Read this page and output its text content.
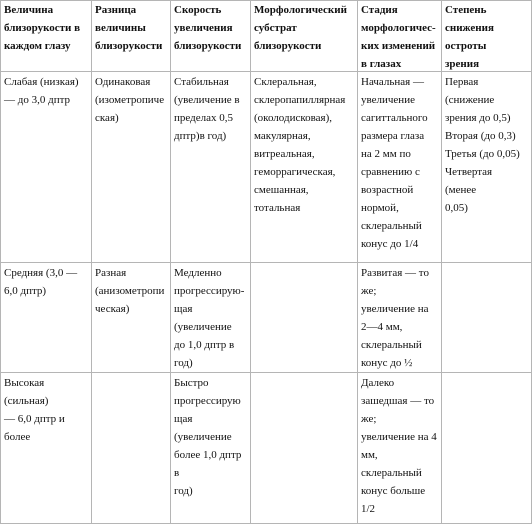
Величина
близорукости в
каждом глазу
Разница
величины
близорукости
Скорость
увеличения
близорукости
Морфологический
субстрат
близорукости
Стадия
морфологичес-
ких изменений
в глазах
Степень
снижения
остроты
зрения
Слабая (низкая)
— до 3,0 дптр
Одинаковая
(изометропиче
ская)
Стабильная
(увеличение в
пределах 0,5
дптр)в год)
Склеральная,
склеропапиллярная
(околодисковая),
макулярная,
витреальная,
геморрагическая,
смешанная,
тотальная
Начальная —
увеличение
сагиттального
размера глаза
на 2 мм по
сравнению с
возрастной
нормой,
склеральный
конус до 1/4
Первая
(снижение
зрения до 0,5)
Вторая (до 0,3)
Третья (до 0,05)
Четвертая
(менее
0,05)
Средняя (3,0 —
6,0 дптр)
Разная
(анизометропи
ческая)
Медленно
прогрессирую-
щая
(увеличение
до 1,0 дптр в
год)
Развитая — то
же;
увеличение на
2—4 мм,
склеральный
конус до ½
Высокая
(сильная)
— 6,0 дптр и
более
Быстро
прогрессирую
щая
(увеличение
более 1,0 дптр
в
год)
Далеко
зашедшая — то
же;
увеличение на 4
мм,
склеральный
конус больше
1/2
